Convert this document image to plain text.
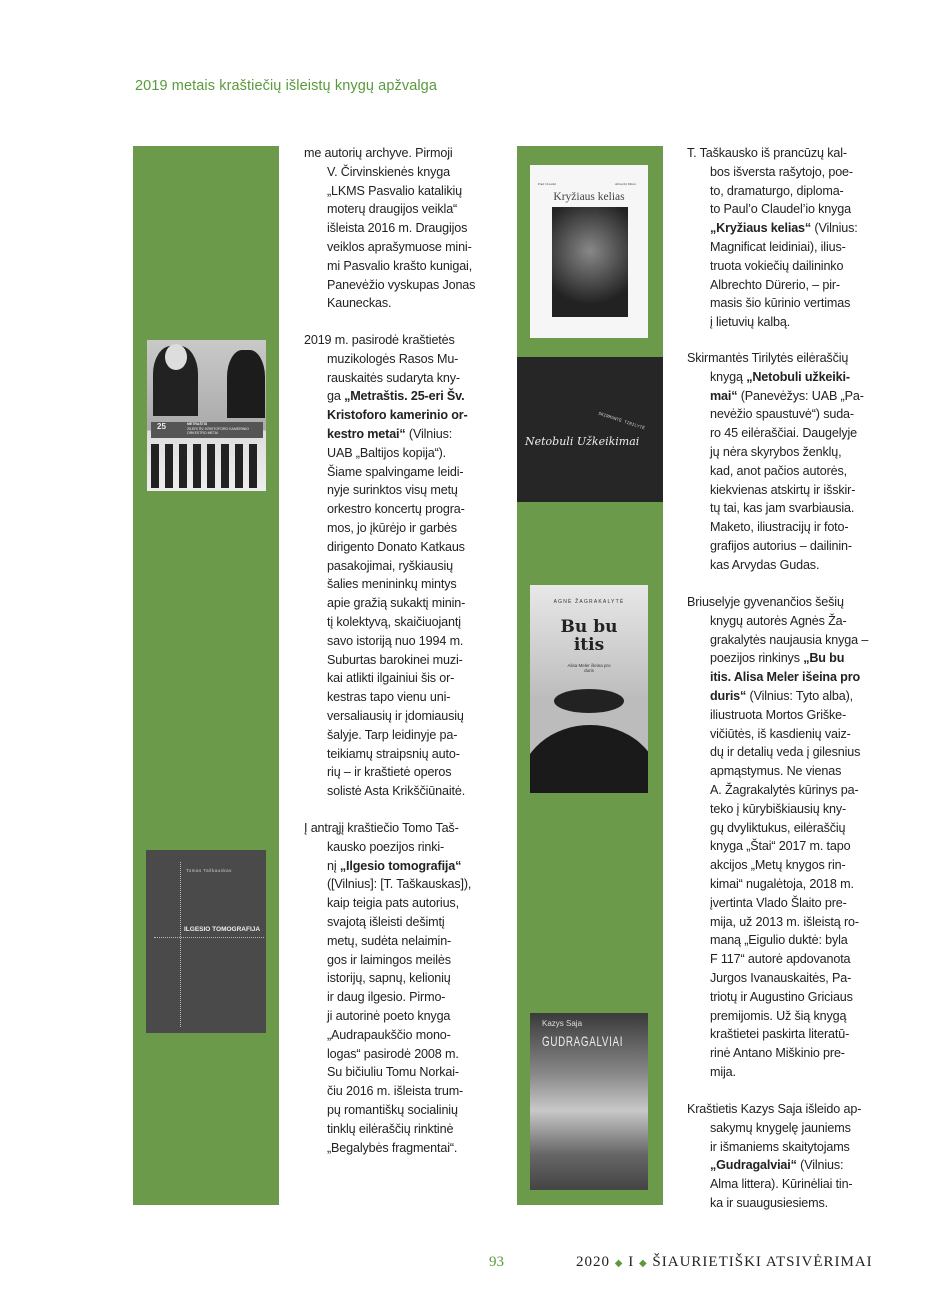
2019 metais kraštiečių išleistų knygų apžvalga
25	METRAŠTIS
25-ERI ŠV. KRISTOFORO KAMERINIO ORKESTRO METAI
Tomas Taškauskas
ILGESIO TOMOGRAFIJA
Paul Claudel	Albrecht Dürer
Kryžiaus kelias
SKIRMANTĖ TIRILYTĖ
Netobuli Užkeikimai
AGNĖ ŽAGRAKALYTĖ
Bu bu itis
Alisa Meler išeina pro duris
Kazys Saja
GUDRAGALVIAI
me autorių archyve. Pirmoji
V. Čirvinskienės knyga
„LKMS Pasvalio katalikių
moterų draugijos veikla“
išleista 2016 m. Draugijos
veiklos aprašymuose mini-
mi Pasvalio krašto kunigai,
Panevėžio vyskupas Jonas
Kauneckas.
2019 m. pasirodė kraštietės
muzikologės Rasos Mu-
rauskaitės sudaryta kny-
ga „Metraštis. 25-eri Šv.
Kristoforo kamerinio or-
kestro metai“ (Vilnius:
UAB „Baltijos kopija“).
Šiame spalvingame leidi-
nyje surinktos visų metų
orkestro koncertų progra-
mos, jo įkūrėjo ir garbės
dirigento Donato Katkaus
pasakojimai, ryškiausių
šalies menininkų mintys
apie gražią sukaktį minin-
tį kolektyvą, skaičiuojantį
savo istoriją nuo 1994 m.
Suburtas barokinei muzi-
kai atlikti ilgainiui šis or-
kestras tapo vienu uni-
versaliausių ir įdomiausių
šalyje. Tarp leidinyje pa-
teikiamų straipsnių auto-
rių – ir kraštietė operos
solistė Asta Krikščiūnaitė.
Į antrąjį kraštiečio Tomo Taš-
kausko poezijos rinki-
nį „Ilgesio tomografija“
([Vilnius]: [T. Taškauskas]),
kaip teigia pats autorius,
svajotą išleisti dešimtį
metų, sudėta nelaimin-
gos ir laimingos meilės
istorijų, sapnų, kelionių
ir daug ilgesio. Pirmo-
ji autorinė poeto knyga
„Audrapaukščio mono-
logas“ pasirodė 2008 m.
Su bičiuliu Tomu Norkai-
čiu 2016 m. išleista trum-
pų romantiškų socialinių
tinklų eilėraščių rinktinė
„Begalybės fragmentai“.
T. Taškausko iš prancūzų kal-
bos išversta rašytojo, poe-
to, dramaturgo, diploma-
to Paul’o Claudel’io knyga
„Kryžiaus kelias“ (Vilnius:
Magnificat leidiniai), ilius-
truota vokiečių dailininko
Albrechto Dürerio, – pir-
masis šio kūrinio vertimas
į lietuvių kalbą.
Skirmantės Tirilytės eilėraščių
knygą „Netobuli užkeiki-
mai“ (Panevėžys: UAB „Pa-
nevėžio spaustuvė“) suda-
ro 45 eilėraščiai. Daugelyje
jų nėra skyrybos ženklų,
kad, anot pačios autorės,
kiekvienas atskirtų ir išskir-
tų tai, kas jam svarbiausia.
Maketo, iliustracijų ir foto-
grafijos autorius – dailinin-
kas Arvydas Gudas.
Briuselyje gyvenančios šešių
knygų autorės Agnės Ža-
grakalytės naujausia knyga –
poezijos rinkinys „Bu bu
itis. Alisa Meler išeina pro
duris“ (Vilnius: Tyto alba),
iliustruota Mortos Griške-
vičiūtės, iš kasdienių vaiz-
dų ir detalių veda į gilesnius
apmąstymus. Ne vienas
A. Žagrakalytės kūrinys pa-
teko į kūrybiškiausių kny-
gų dvyliktukus, eilėraščių
knyga „Štai“ 2017 m. tapo
akcijos „Metų knygos rin-
kimai“ nugalėtoja, 2018 m.
įvertinta Vlado Šlaito pre-
mija, už 2013 m. išleistą ro-
maną „Eigulio duktė: byla
F 117“ autorė apdovanota
Jurgos Ivanauskaitės, Pa-
triotų ir Augustino Griciaus
premijomis. Už šią knygą
kraštietei paskirta literatū-
rinė Antano Miškinio pre-
mija.
Kraštietis Kazys Saja išleido ap-
sakymų knygelę jauniems
ir išmaniems skaitytojams
„Gudragalviai“ (Vilnius:
Alma littera). Kūrinėliai tin-
ka ir suaugusiesiems.
93	2020 ◆ I ◆ ŠIAURIETIŠKI ATSIVĖRIMAI
